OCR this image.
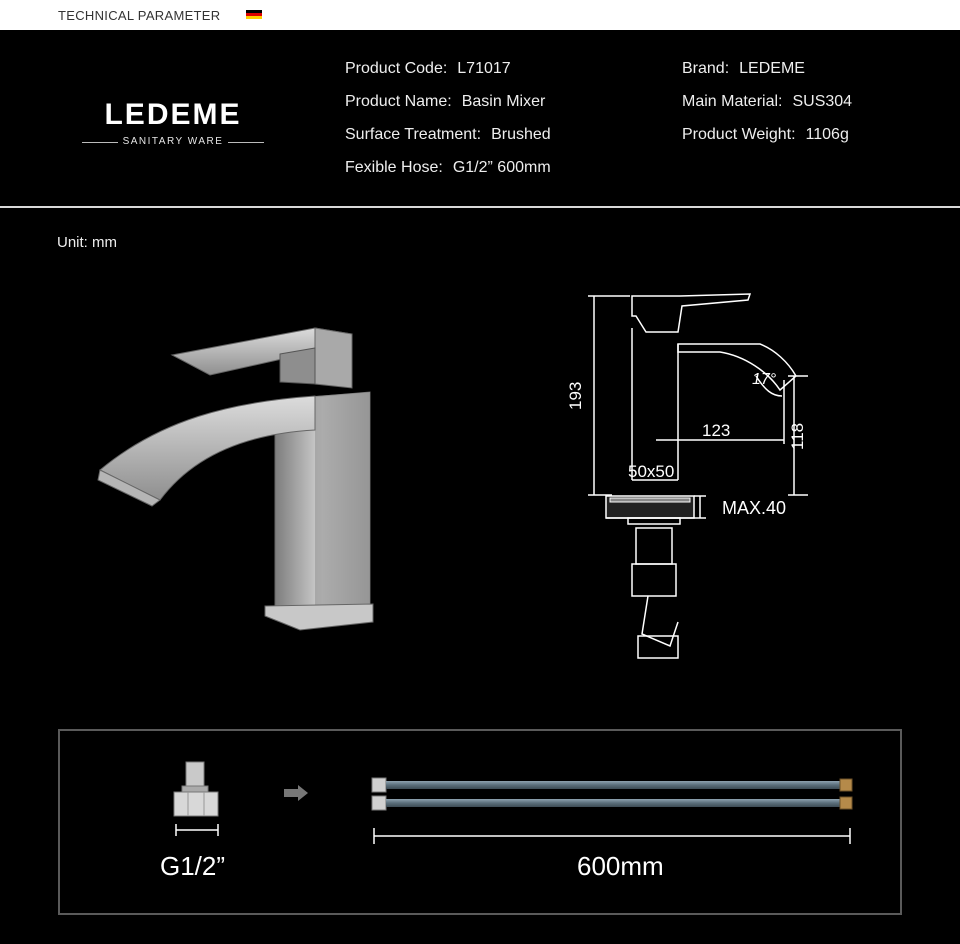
TECHNICAL PARAMETER
LEDEME
SANITARY WARE
Product Code: L71017
Product Name: Basin Mixer
Surface Treatment: Brushed
Fexible Hose: G1/2” 600mm
Brand: LEDEME
Main Material: SUS304
Product Weight: 1106g
Unit: mm
193
17°
123	118
50x50
MAX.40
G1/2”	600mm
